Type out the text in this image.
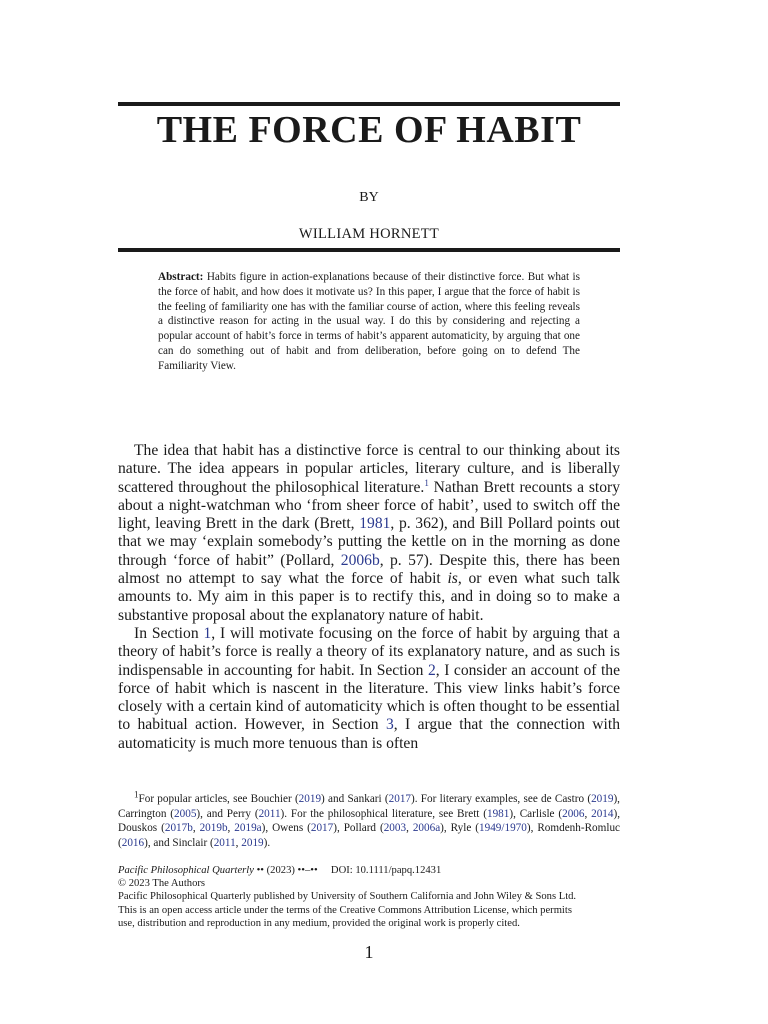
THE FORCE OF HABIT
BY
WILLIAM HORNETT

Abstract: Habits figure in action-explanations because of their distinctive force. But what is the force of habit, and how does it motivate us? In this paper, I argue that the force of habit is the feeling of familiarity one has with the familiar course of action, where this feeling reveals a distinctive reason for acting in the usual way. I do this by considering and rejecting a popular account of habit’s force in terms of habit’s apparent automaticity, by arguing that one can do something out of habit and from deliberation, before going on to defend The Familiarity View.

The idea that habit has a distinctive force is central to our thinking about its nature. The idea appears in popular articles, literary culture, and is liberally scattered throughout the philosophical literature.$^1$ Nathan Brett recounts a story about a night-watchman who ‘from sheer force of habit’, used to switch off the light, leaving Brett in the dark (Brett, 1981, p. 362), and Bill Pollard points out that we may ‘explain somebody’s putting the kettle on in the morning as done through ‘force of habit” (Pollard, 2006b, p. 57). Despite this, there has been almost no attempt to say what the force of habit is, or even what such talk amounts to. My aim in this paper is to rectify this, and in doing so to make a substantive proposal about the explanatory nature of habit.

In Section 1, I will motivate focusing on the force of habit by arguing that a theory of habit’s force is really a theory of its explanatory nature, and as such is indispensable in accounting for habit. In Section 2, I consider an account of the force of habit which is nascent in the literature. This view links habit’s force closely with a certain kind of automaticity which is often thought to be essential to habitual action. However, in Section 3, I argue that the connection with automaticity is much more tenuous than is often

$^1$For popular articles, see Bouchier (2019) and Sankari (2017). For literary examples, see de Castro (2019), Carrington (2005), and Perry (2011). For the philosophical literature, see Brett (1981), Carlisle (2006, 2014), Douskos (2017b, 2019b, 2019a), Owens (2017), Pollard (2003, 2006a), Ryle (1949/1970), Romdenh-Romluc (2016), and Sinclair (2011, 2019).

Pacific Philosophical Quarterly •• (2023) ••–••     DOI: 10.1111/papq.12431
© 2023 The Authors
Pacific Philosophical Quarterly published by University of Southern California and John Wiley & Sons Ltd.
This is an open access article under the terms of the Creative Commons Attribution License, which permits
use, distribution and reproduction in any medium, provided the original work is properly cited.
1
